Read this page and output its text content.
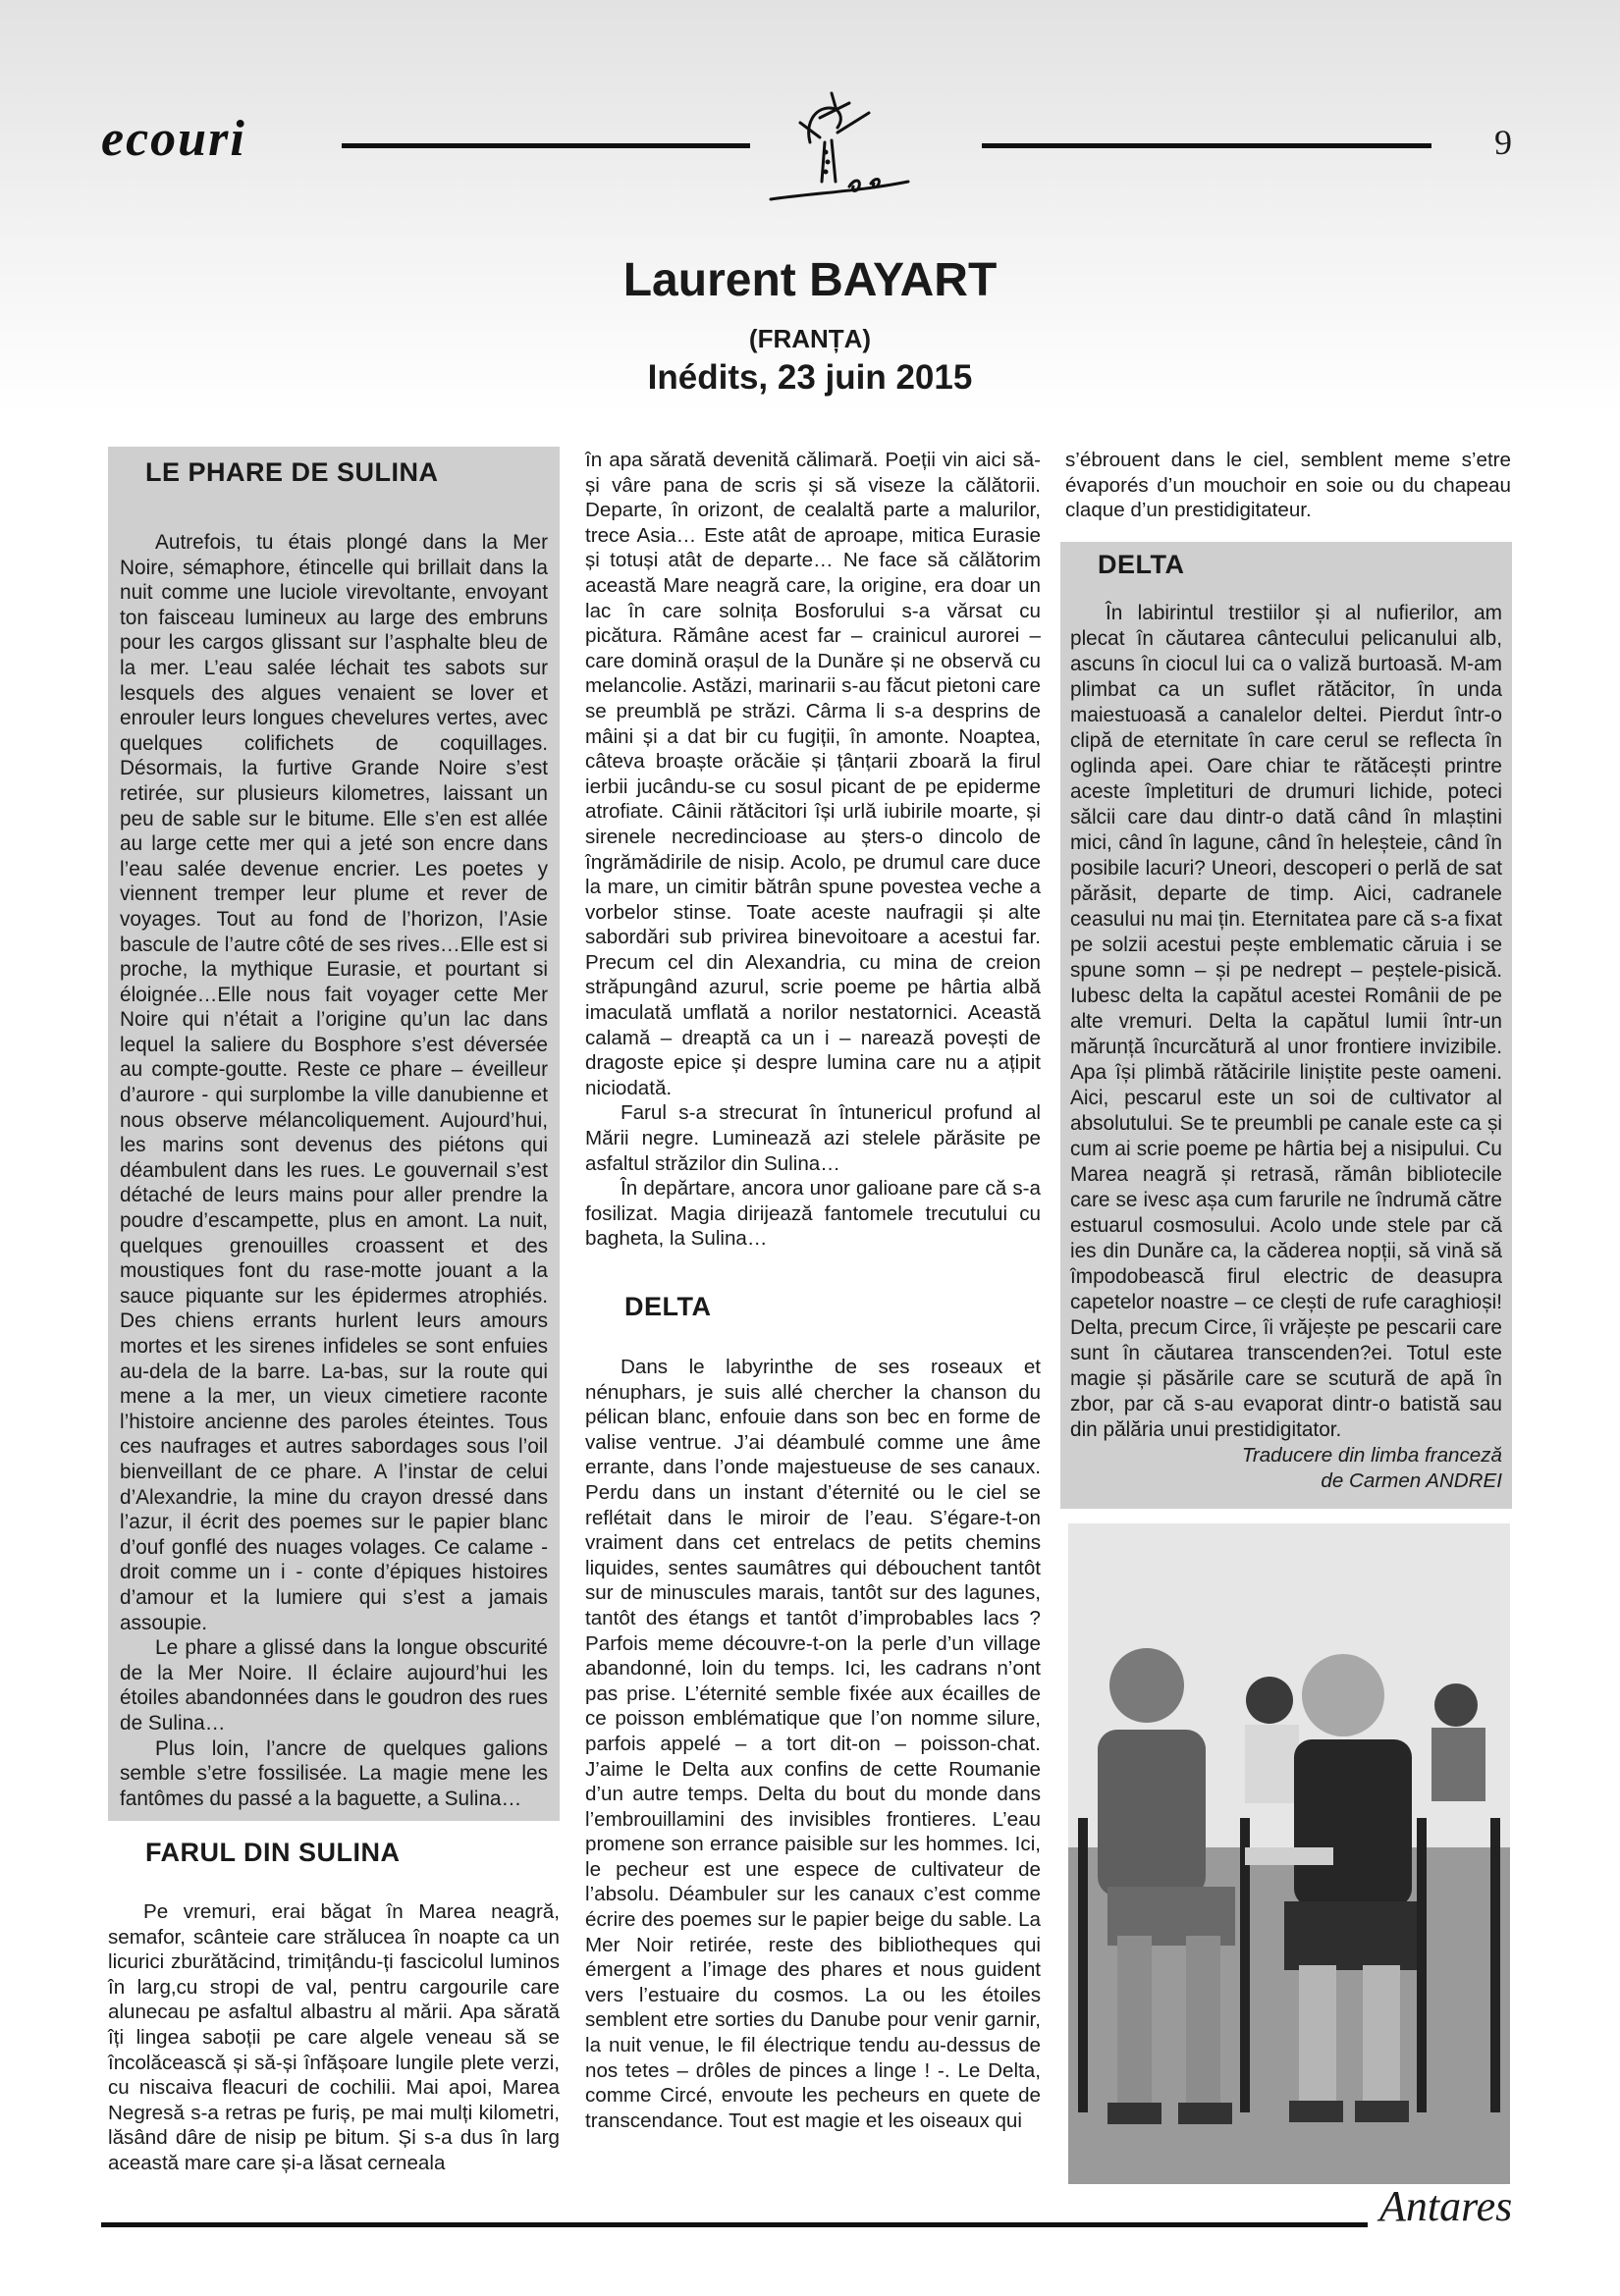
ecouri	9
Laurent BAYART
(FRANȚA)
Inédits, 23 juin 2015
LE PHARE DE SULINA

Autrefois, tu étais plongé dans la Mer Noire, sémaphore, étincelle qui brillait dans la nuit comme une luciole virevoltante, envoyant ton faisceau lumineux au large des embruns pour les cargos glissant sur l’asphalte bleu de la mer. L’eau salée léchait tes sabots sur lesquels des algues venaient se lover et enrouler leurs longues chevelures vertes, avec quelques colifichets de coquillages. Désormais, la furtive Grande Noire s’est retirée, sur plusieurs kilometres, laissant un peu de sable sur le bitume. Elle s’en est allée au large cette mer qui a jeté son encre dans l’eau salée devenue encrier. Les poetes y viennent tremper leur plume et rever de voyages. Tout au fond de l’horizon, l’Asie bascule de l’autre côté de ses rives…Elle est si proche, la mythique Eurasie, et pourtant si éloignée…Elle nous fait voyager cette Mer Noire qui n’était a l’origine qu’un lac dans lequel la saliere du Bosphore s’est déversée au compte-goutte. Reste ce phare – éveilleur d’aurore - qui surplombe la ville danubienne et nous observe mélancoliquement. Aujourd’hui, les marins sont devenus des piétons qui déambulent dans les rues. Le gouvernail s’est détaché de leurs mains pour aller prendre la poudre d’escampette, plus en amont. La nuit, quelques grenouilles croassent et des moustiques font du rase-motte jouant a la sauce piquante sur les épidermes atrophiés. Des chiens errants hurlent leurs amours mortes et les sirenes infideles se sont enfuies au-dela de la barre. La-bas, sur la route qui mene a la mer, un vieux cimetiere raconte l’histoire ancienne des paroles éteintes. Tous ces naufrages et autres sabordages sous l’oil bienveillant de ce phare. A l’instar de celui d’Alexandrie, la mine du crayon dressé dans l’azur, il écrit des poemes sur le papier blanc d’ouf gonflé des nuages volages. Ce calame - droit comme un i - conte d’épiques histoires d’amour et la lumiere qui s’est a jamais assoupie.

Le phare a glissé dans la longue obscurité de la Mer Noire. Il éclaire aujourd’hui les étoiles abandonnées dans le goudron des rues de Sulina…

Plus loin, l’ancre de quelques galions semble s’etre fossilisée. La magie mene les fantômes du passé a la baguette, a Sulina…

FARUL DIN SULINA

Pe vremuri, erai băgat în Marea neagră, semafor, scânteie care strălucea în noapte ca un licurici zburătăcind, trimițându-ți fascicolul luminos în larg,cu stropi de val, pentru cargourile care alunecau pe asfaltul albastru al mării. Apa sărată îți lingea saboții pe care algele veneau să se încolăcească și să-și înfășoare lungile plete verzi, cu niscaiva fleacuri de cochilii. Mai apoi, Marea Negresă s-a retras pe furiș, pe mai mulți kilometri, lăsând dâre de nisip pe bitum. Și s-a dus în larg această mare care și-a lăsat cerneala

în apa sărată devenită călimară. Poeții vin aici să-și vâre pana de scris și să viseze la călătorii. Departe, în orizont, de cealaltă parte a malurilor, trece Asia… Este atât de aproape, mitica Eurasie și totuși atât de departe… Ne face să călătorim această Mare neagră care, la origine, era doar un lac în care solnița Bosforului s-a vărsat cu picătura. Rămâne acest far – crainicul aurorei – care domină orașul de la Dunăre și ne observă cu melancolie. Astăzi, marinarii s-au făcut pietoni care se preumblă pe străzi. Cârma li s-a desprins de mâini și a dat bir cu fugiții, în amonte. Noaptea, câteva broaște orăcăie și țânțarii zboară la firul ierbii jucându-se cu sosul picant de pe epiderme atrofiate. Câinii rătăcitori își urlă iubirile moarte, și sirenele necredincioase au șters-o dincolo de îngrămădirile de nisip. Acolo, pe drumul care duce la mare, un cimitir bătrân spune povestea veche a vorbelor stinse. Toate aceste naufragii și alte sabordări sub privirea binevoitoare a acestui far. Precum cel din Alexandria, cu mina de creion străpungând azurul, scrie poeme pe hârtia albă imaculată umflată a norilor nestatornici. Această calamă – dreaptă ca un i – narează povești de dragoste epice și despre lumina care nu a ațipit niciodată.

Farul s-a strecurat în întunericul profund al Mării negre. Luminează azi stelele părăsite pe asfaltul străzilor din Sulina…

În depărtare, ancora unor galioane pare că s-a fosilizat. Magia dirijează fantomele trecutului cu bagheta, la Sulina…

DELTA

Dans le labyrinthe de ses roseaux et nénuphars, je suis allé chercher la chanson du pélican blanc, enfouie dans son bec en forme de valise ventrue. J’ai déambulé comme une âme errante, dans l’onde majestueuse de ses canaux. Perdu dans un instant d’éternité ou le ciel se reflétait dans le miroir de l’eau. S’égare-t-on vraiment dans cet entrelacs de petits chemins liquides, sentes saumâtres qui débouchent tantôt sur de minuscules marais, tantôt sur des lagunes, tantôt des étangs et tantôt d’improbables lacs ? Parfois meme découvre-t-on la perle d’un village abandonné, loin du temps. Ici, les cadrans n’ont pas prise. L’éternité semble fixée aux écailles de ce poisson emblématique que l’on nomme silure, parfois appelé – a tort dit-on – poisson-chat. J’aime le Delta aux confins de cette Roumanie d’un autre temps. Delta du bout du monde dans l’embrouillamini des invisibles frontieres. L’eau promene son errance paisible sur les hommes. Ici, le pecheur est une espece de cultivateur de l’absolu. Déambuler sur les canaux c’est comme écrire des poemes sur le papier beige du sable. La Mer Noir retirée, reste des bibliotheques qui émergent a l’image des phares et nous guident vers l’estuaire du cosmos. La ou les étoiles semblent etre sorties du Danube pour venir garnir, la nuit venue, le fil électrique tendu au-dessus de nos tetes – drôles de pinces a linge ! -. Le Delta, comme Circé, envoute les pecheurs en quete de transcendance. Tout est magie et les oiseaux qui

s’ébrouent dans le ciel, semblent meme s’etre évaporés d’un mouchoir en soie ou du chapeau claque d’un prestidigitateur.

DELTA

În labirintul trestiilor și al nufierilor, am plecat în căutarea cântecului pelicanului alb, ascuns în ciocul lui ca o valiză burtoasă. M-am plimbat ca un suflet rătăcitor, în unda maiestuoasă a canalelor deltei. Pierdut într-o clipă de eternitate în care cerul se reflecta în oglinda apei. Oare chiar te rătăcești printre aceste împletituri de drumuri lichide, poteci sălcii care dau dintr-o dată când în mlaștini mici, când în lagune, când în heleșteie, când în posibile lacuri? Uneori, descoperi o perlă de sat părăsit, departe de timp. Aici, cadranele ceasului nu mai țin. Eternitatea pare că s-a fixat pe solzii acestui pește emblematic căruia i se spune somn – și pe nedrept – peștele-pisică. Iubesc delta la capătul acestei Românii de pe alte vremuri. Delta la capătul lumii într-un mărunță încurcătură al unor frontiere invizibile. Apa își plimbă rătăcirile liniștite peste oameni. Aici, pescarul este un soi de cultivator al absolutului. Se te preumbli pe canale este ca și cum ai scrie poeme pe hârtia bej a nisipului. Cu Marea neagră și retrasă, rămân bibliotecile care se ivesc așa cum farurile ne îndrumă către estuarul cosmosului. Acolo unde stele par că ies din Dunăre ca, la căderea nopții, să vină să împodobească firul electric de deasupra capetelor noastre – ce clești de rufe caraghioși! Delta, precum Circe, îi vrăjește pe pescarii care sunt în căutarea transcenden?ei. Totul este magie și păsările care se scutură de apă în zbor, par că s-au evaporat dintr-o batistă sau din pălăria unui prestidigitator.

Traducere din limba franceză
de Carmen ANDREI
Antares
